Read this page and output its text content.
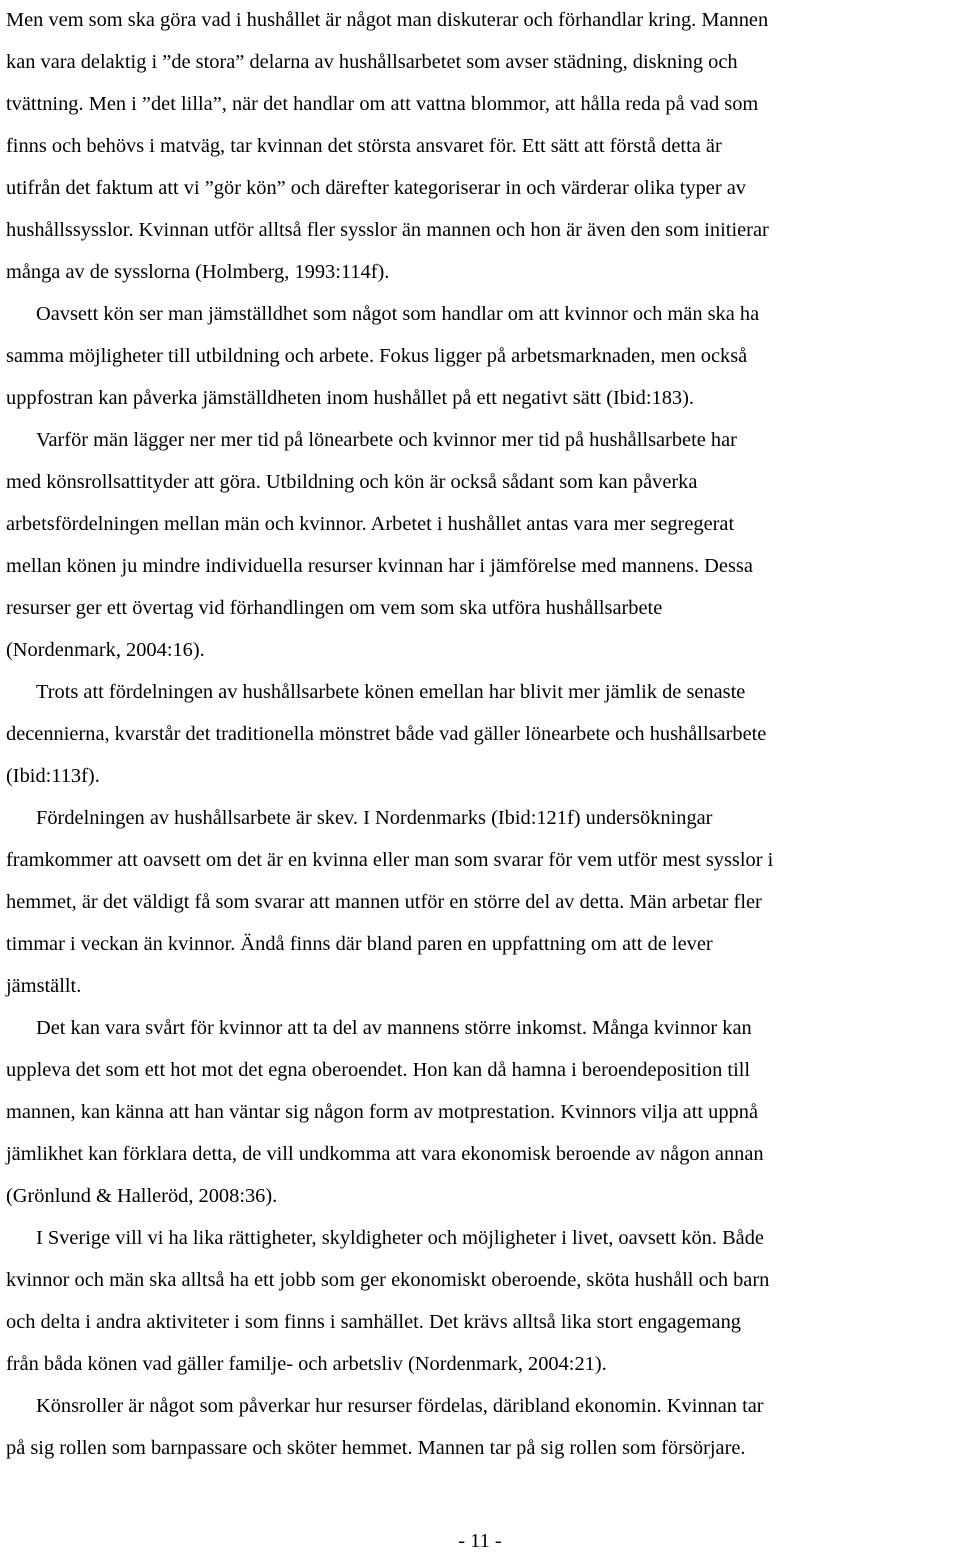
Men vem som ska göra vad i hushållet är något man diskuterar och förhandlar kring. Mannen
kan vara delaktig i ”de stora” delarna av hushållsarbetet som avser städning, diskning och
tvättning. Men i ”det lilla”, när det handlar om att vattna blommor, att hålla reda på vad som
finns och behövs i matväg, tar kvinnan det största ansvaret för. Ett sätt att förstå detta är
utifrån det faktum att vi ”gör kön” och därefter kategoriserar in och värderar olika typer av
hushållssysslor. Kvinnan utför alltså fler sysslor än mannen och hon är även den som initierar
många av de sysslorna (Holmberg, 1993:114f).
Oavsett kön ser man jämställdhet som något som handlar om att kvinnor och män ska ha
samma möjligheter till utbildning och arbete. Fokus ligger på arbetsmarknaden, men också
uppfostran kan påverka jämställdheten inom hushållet på ett negativt sätt (Ibid:183).
Varför män lägger ner mer tid på lönearbete och kvinnor mer tid på hushållsarbete har
med könsrollsattityder att göra. Utbildning och kön är också sådant som kan påverka
arbetsfördelningen mellan män och kvinnor. Arbetet i hushållet antas vara mer segregerat
mellan könen ju mindre individuella resurser kvinnan har i jämförelse med mannens. Dessa
resurser ger ett övertag vid förhandlingen om vem som ska utföra hushållsarbete
(Nordenmark, 2004:16).
Trots att fördelningen av hushållsarbete könen emellan har blivit mer jämlik de senaste
decennierna, kvarstår det traditionella mönstret både vad gäller lönearbete och hushållsarbete
(Ibid:113f).
Fördelningen av hushållsarbete är skev. I Nordenmarks (Ibid:121f) undersökningar
framkommer att oavsett om det är en kvinna eller man som svarar för vem utför mest sysslor i
hemmet, är det väldigt få som svarar att mannen utför en större del av detta. Män arbetar fler
timmar i veckan än kvinnor. Ändå finns där bland paren en uppfattning om att de lever
jämställt.
Det kan vara svårt för kvinnor att ta del av mannens större inkomst. Många kvinnor kan
uppleva det som ett hot mot det egna oberoendet. Hon kan då hamna i beroendeposition till
mannen, kan känna att han väntar sig någon form av motprestation. Kvinnors vilja att uppnå
jämlikhet kan förklara detta, de vill undkomma att vara ekonomisk beroende av någon annan
(Grönlund & Halleröd, 2008:36).
I Sverige vill vi ha lika rättigheter, skyldigheter och möjligheter i livet, oavsett kön. Både
kvinnor och män ska alltså ha ett jobb som ger ekonomiskt oberoende, sköta hushåll och barn
och delta i andra aktiviteter i som finns i samhället. Det krävs alltså lika stort engagemang
från båda könen vad gäller familje- och arbetsliv (Nordenmark, 2004:21).
Könsroller är något som påverkar hur resurser fördelas, däribland ekonomin. Kvinnan tar
på sig rollen som barnpassare och sköter hemmet. Mannen tar på sig rollen som försörjare.
- 11 -
